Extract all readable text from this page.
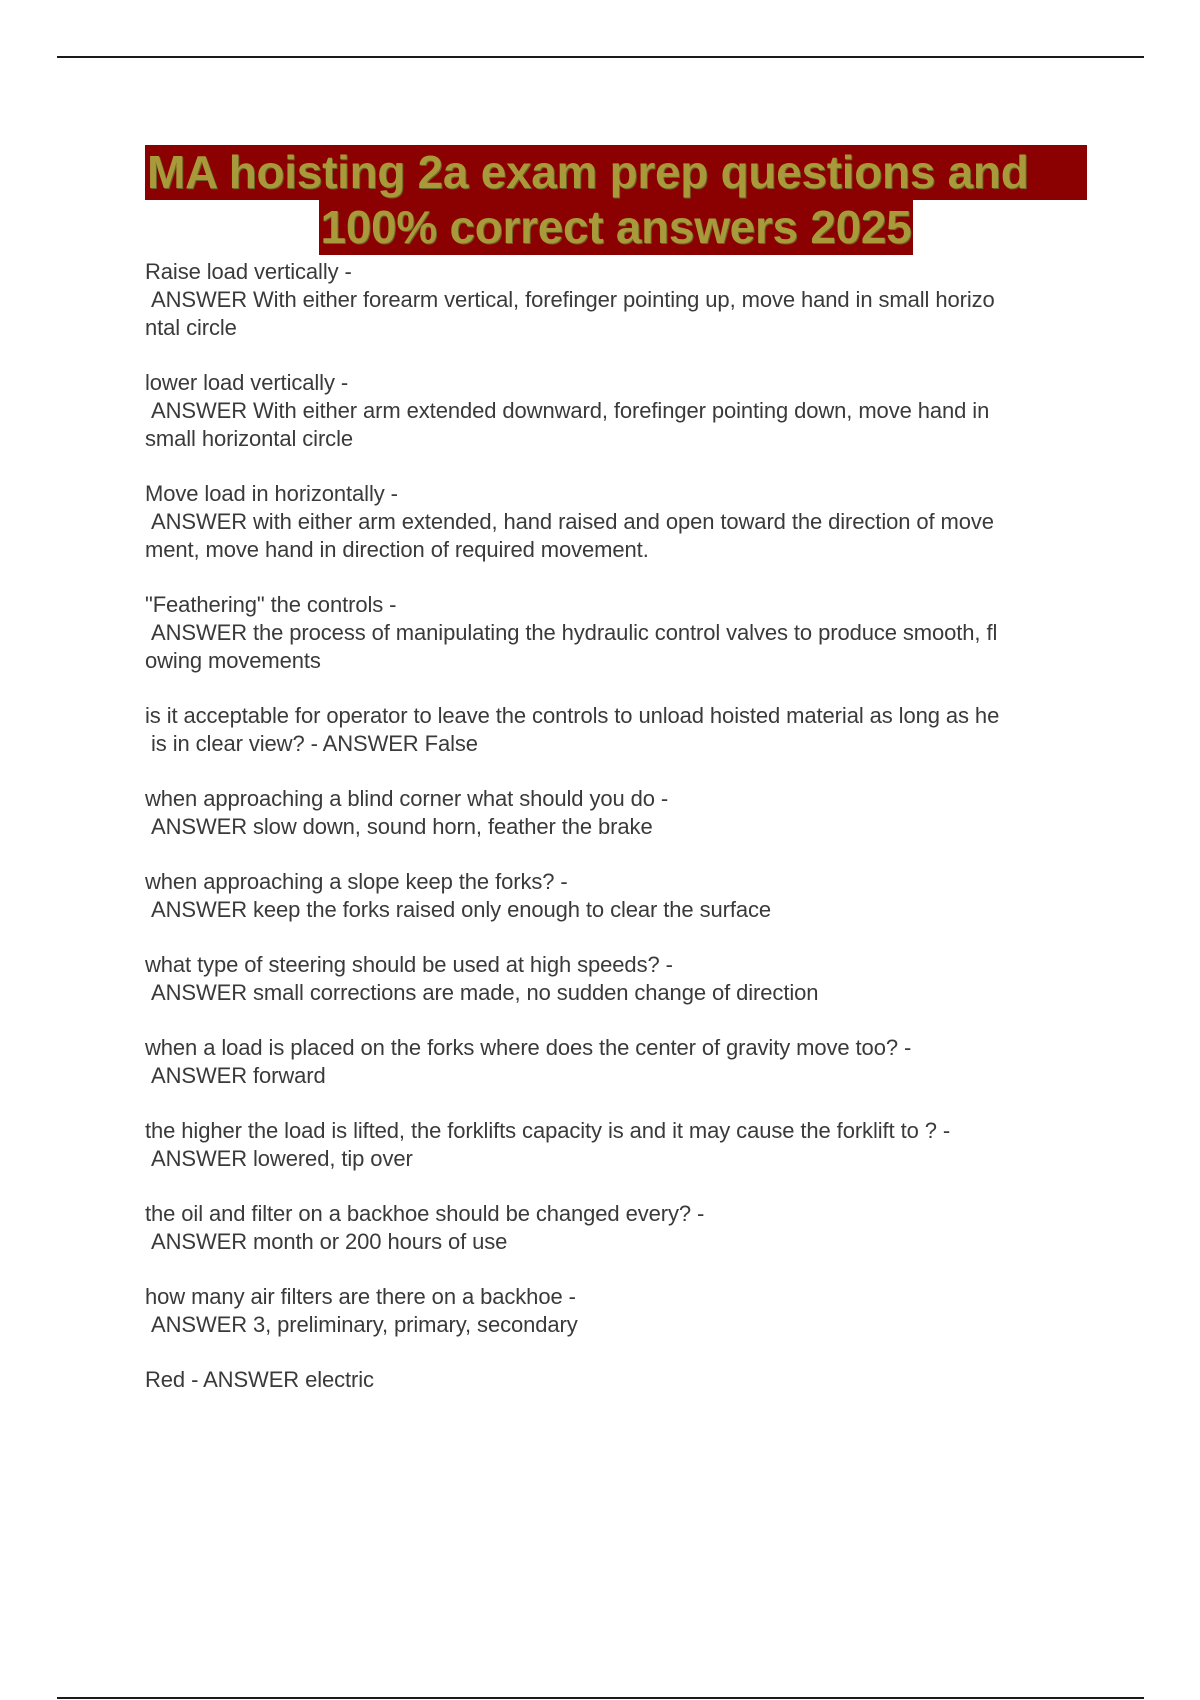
MA hoisting 2a exam prep questions and
100% correct answers 2025
Raise load vertically -
ANSWER With either forearm vertical, forefinger pointing up, move hand in small horizo
ntal circle
lower load vertically -
ANSWER With either arm extended downward, forefinger pointing down, move hand in
small horizontal circle
Move load in horizontally -
ANSWER with either arm extended, hand raised and open toward the direction of move
ment, move hand in direction of required movement.
"Feathering" the controls -
ANSWER the process of manipulating the hydraulic control valves to produce smooth, fl
owing movements
is it acceptable for operator to leave the controls to unload hoisted material as long as he
is in clear view? - ANSWER False
when approaching a blind corner what should you do -
ANSWER slow down, sound horn, feather the brake
when approaching a slope keep the forks? -
ANSWER keep the forks raised only enough to clear the surface
what type of steering should be used at high speeds? -
ANSWER small corrections are made, no sudden change of direction
when a load is placed on the forks where does the center of gravity move too? -
ANSWER forward
the higher the load is lifted, the forklifts capacity is and it may cause the forklift to ? -
ANSWER lowered, tip over
the oil and filter on a backhoe should be changed every? -
ANSWER month or 200 hours of use
how many air filters are there on a backhoe -
ANSWER 3, preliminary, primary, secondary
Red - ANSWER electric
